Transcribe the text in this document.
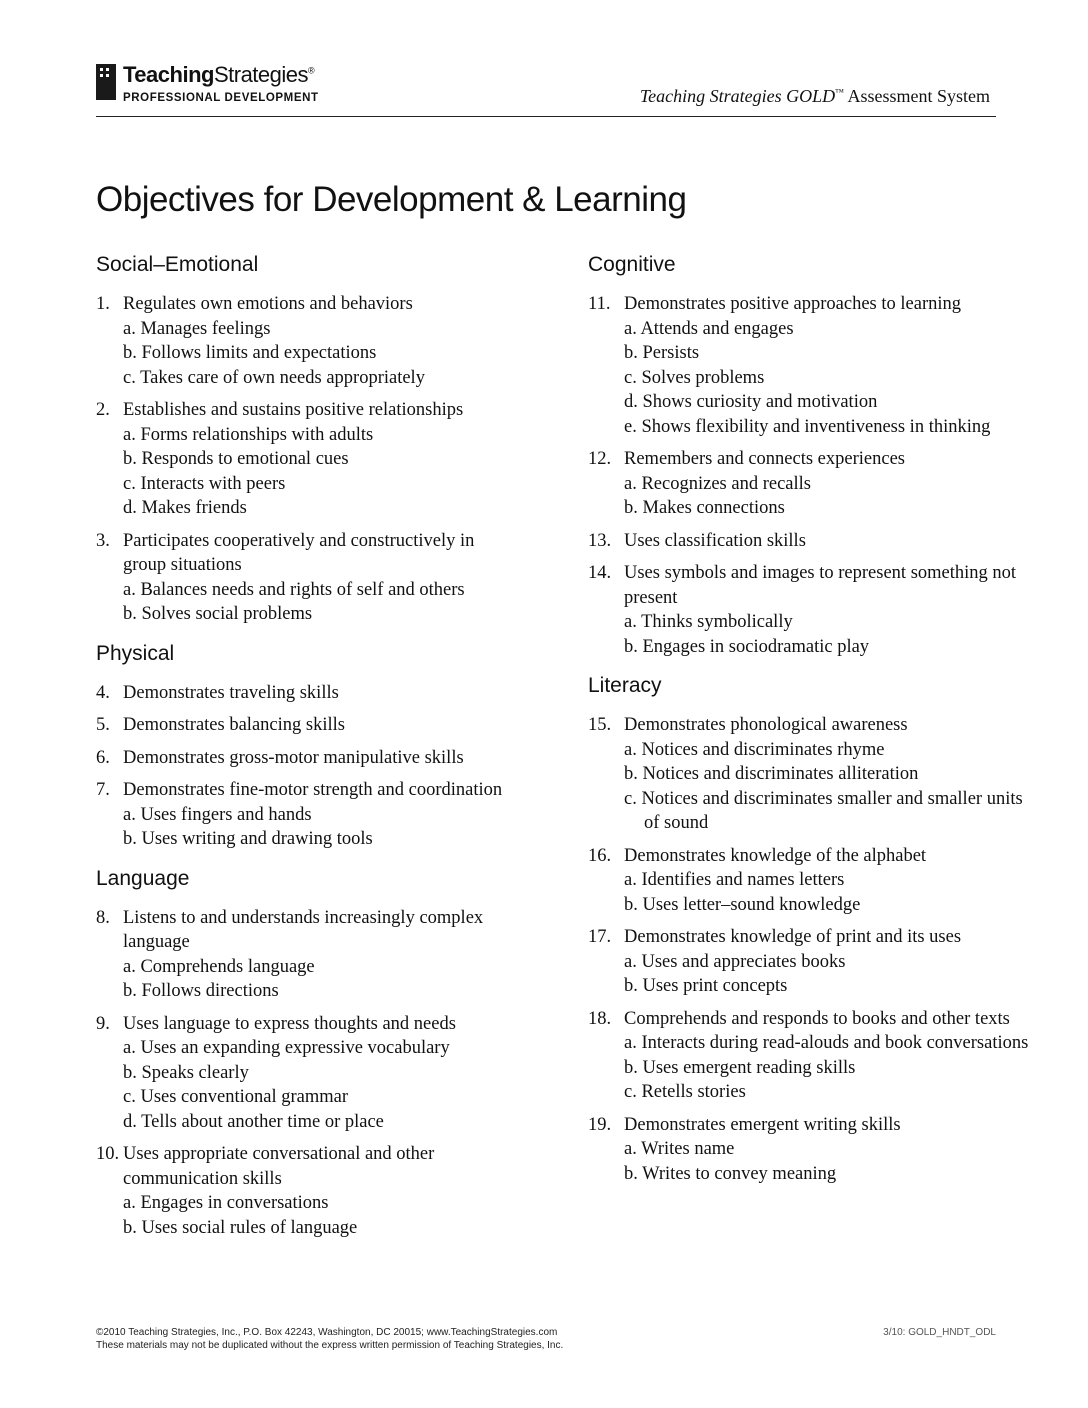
TeachingStrategies®
PROFESSIONAL DEVELOPMENT	Teaching Strategies GOLD™ Assessment System
Objectives for Development & Learning
Social–Emotional
1. Regulates own emotions and behaviors
a. Manages feelings
b. Follows limits and expectations
c. Takes care of own needs appropriately
2. Establishes and sustains positive relationships
a. Forms relationships with adults
b. Responds to emotional cues
c. Interacts with peers
d. Makes friends
3. Participates cooperatively and constructively in group situations
a. Balances needs and rights of self and others
b. Solves social problems
Physical
4. Demonstrates traveling skills
5. Demonstrates balancing skills
6. Demonstrates gross-motor manipulative skills
7. Demonstrates fine-motor strength and coordination
a. Uses fingers and hands
b. Uses writing and drawing tools
Language
8. Listens to and understands increasingly complex language
a. Comprehends language
b. Follows directions
9. Uses language to express thoughts and needs
a. Uses an expanding expressive vocabulary
b. Speaks clearly
c. Uses conventional grammar
d. Tells about another time or place
10. Uses appropriate conversational and other communication skills
a. Engages in conversations
b. Uses social rules of language
Cognitive
11. Demonstrates positive approaches to learning
a. Attends and engages
b. Persists
c. Solves problems
d. Shows curiosity and motivation
e. Shows flexibility and inventiveness in thinking
12. Remembers and connects experiences
a. Recognizes and recalls
b. Makes connections
13. Uses classification skills
14. Uses symbols and images to represent something not present
a. Thinks symbolically
b. Engages in sociodramatic play
Literacy
15. Demonstrates phonological awareness
a. Notices and discriminates rhyme
b. Notices and discriminates alliteration
c. Notices and discriminates smaller and smaller units of sound
16. Demonstrates knowledge of the alphabet
a. Identifies and names letters
b. Uses letter–sound knowledge
17. Demonstrates knowledge of print and its uses
a. Uses and appreciates books
b. Uses print concepts
18. Comprehends and responds to books and other texts
a. Interacts during read-alouds and book conversations
b. Uses emergent reading skills
c. Retells stories
19. Demonstrates emergent writing skills
a. Writes name
b. Writes to convey meaning
©2010 Teaching Strategies, Inc., P.O. Box 42243, Washington, DC 20015; www.TeachingStrategies.com
These materials may not be duplicated without the express written permission of Teaching Strategies, Inc.
3/10: GOLD_HNDT_ODL
